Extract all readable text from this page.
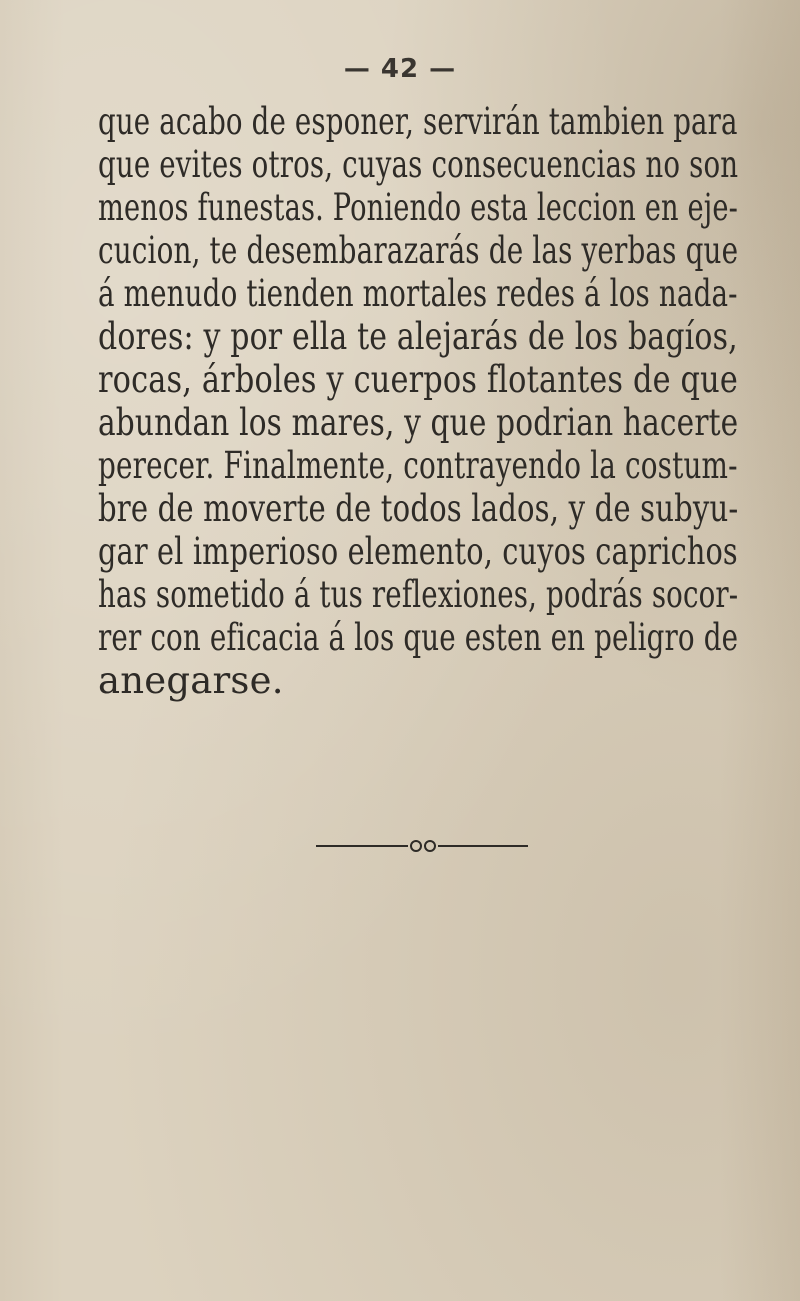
— 42 —
que acabo de esponer, servirán tambien para
que evites otros, cuyas consecuencias no son
menos funestas. Poniendo esta leccion en eje-
cucion, te desembarazarás de las yerbas que
á menudo tienden mortales redes á los nada-
dores: y por ella te alejarás de los bagíos,
rocas, árboles y cuerpos flotantes de que
abundan los mares, y que podrian hacerte
perecer. Finalmente, contrayendo la costum-
bre de moverte de todos lados, y de subyu-
gar el imperioso elemento, cuyos caprichos
has sometido á tus reflexiones, podrás socor-
rer con eficacia á los que esten en peligro de
anegarse.
